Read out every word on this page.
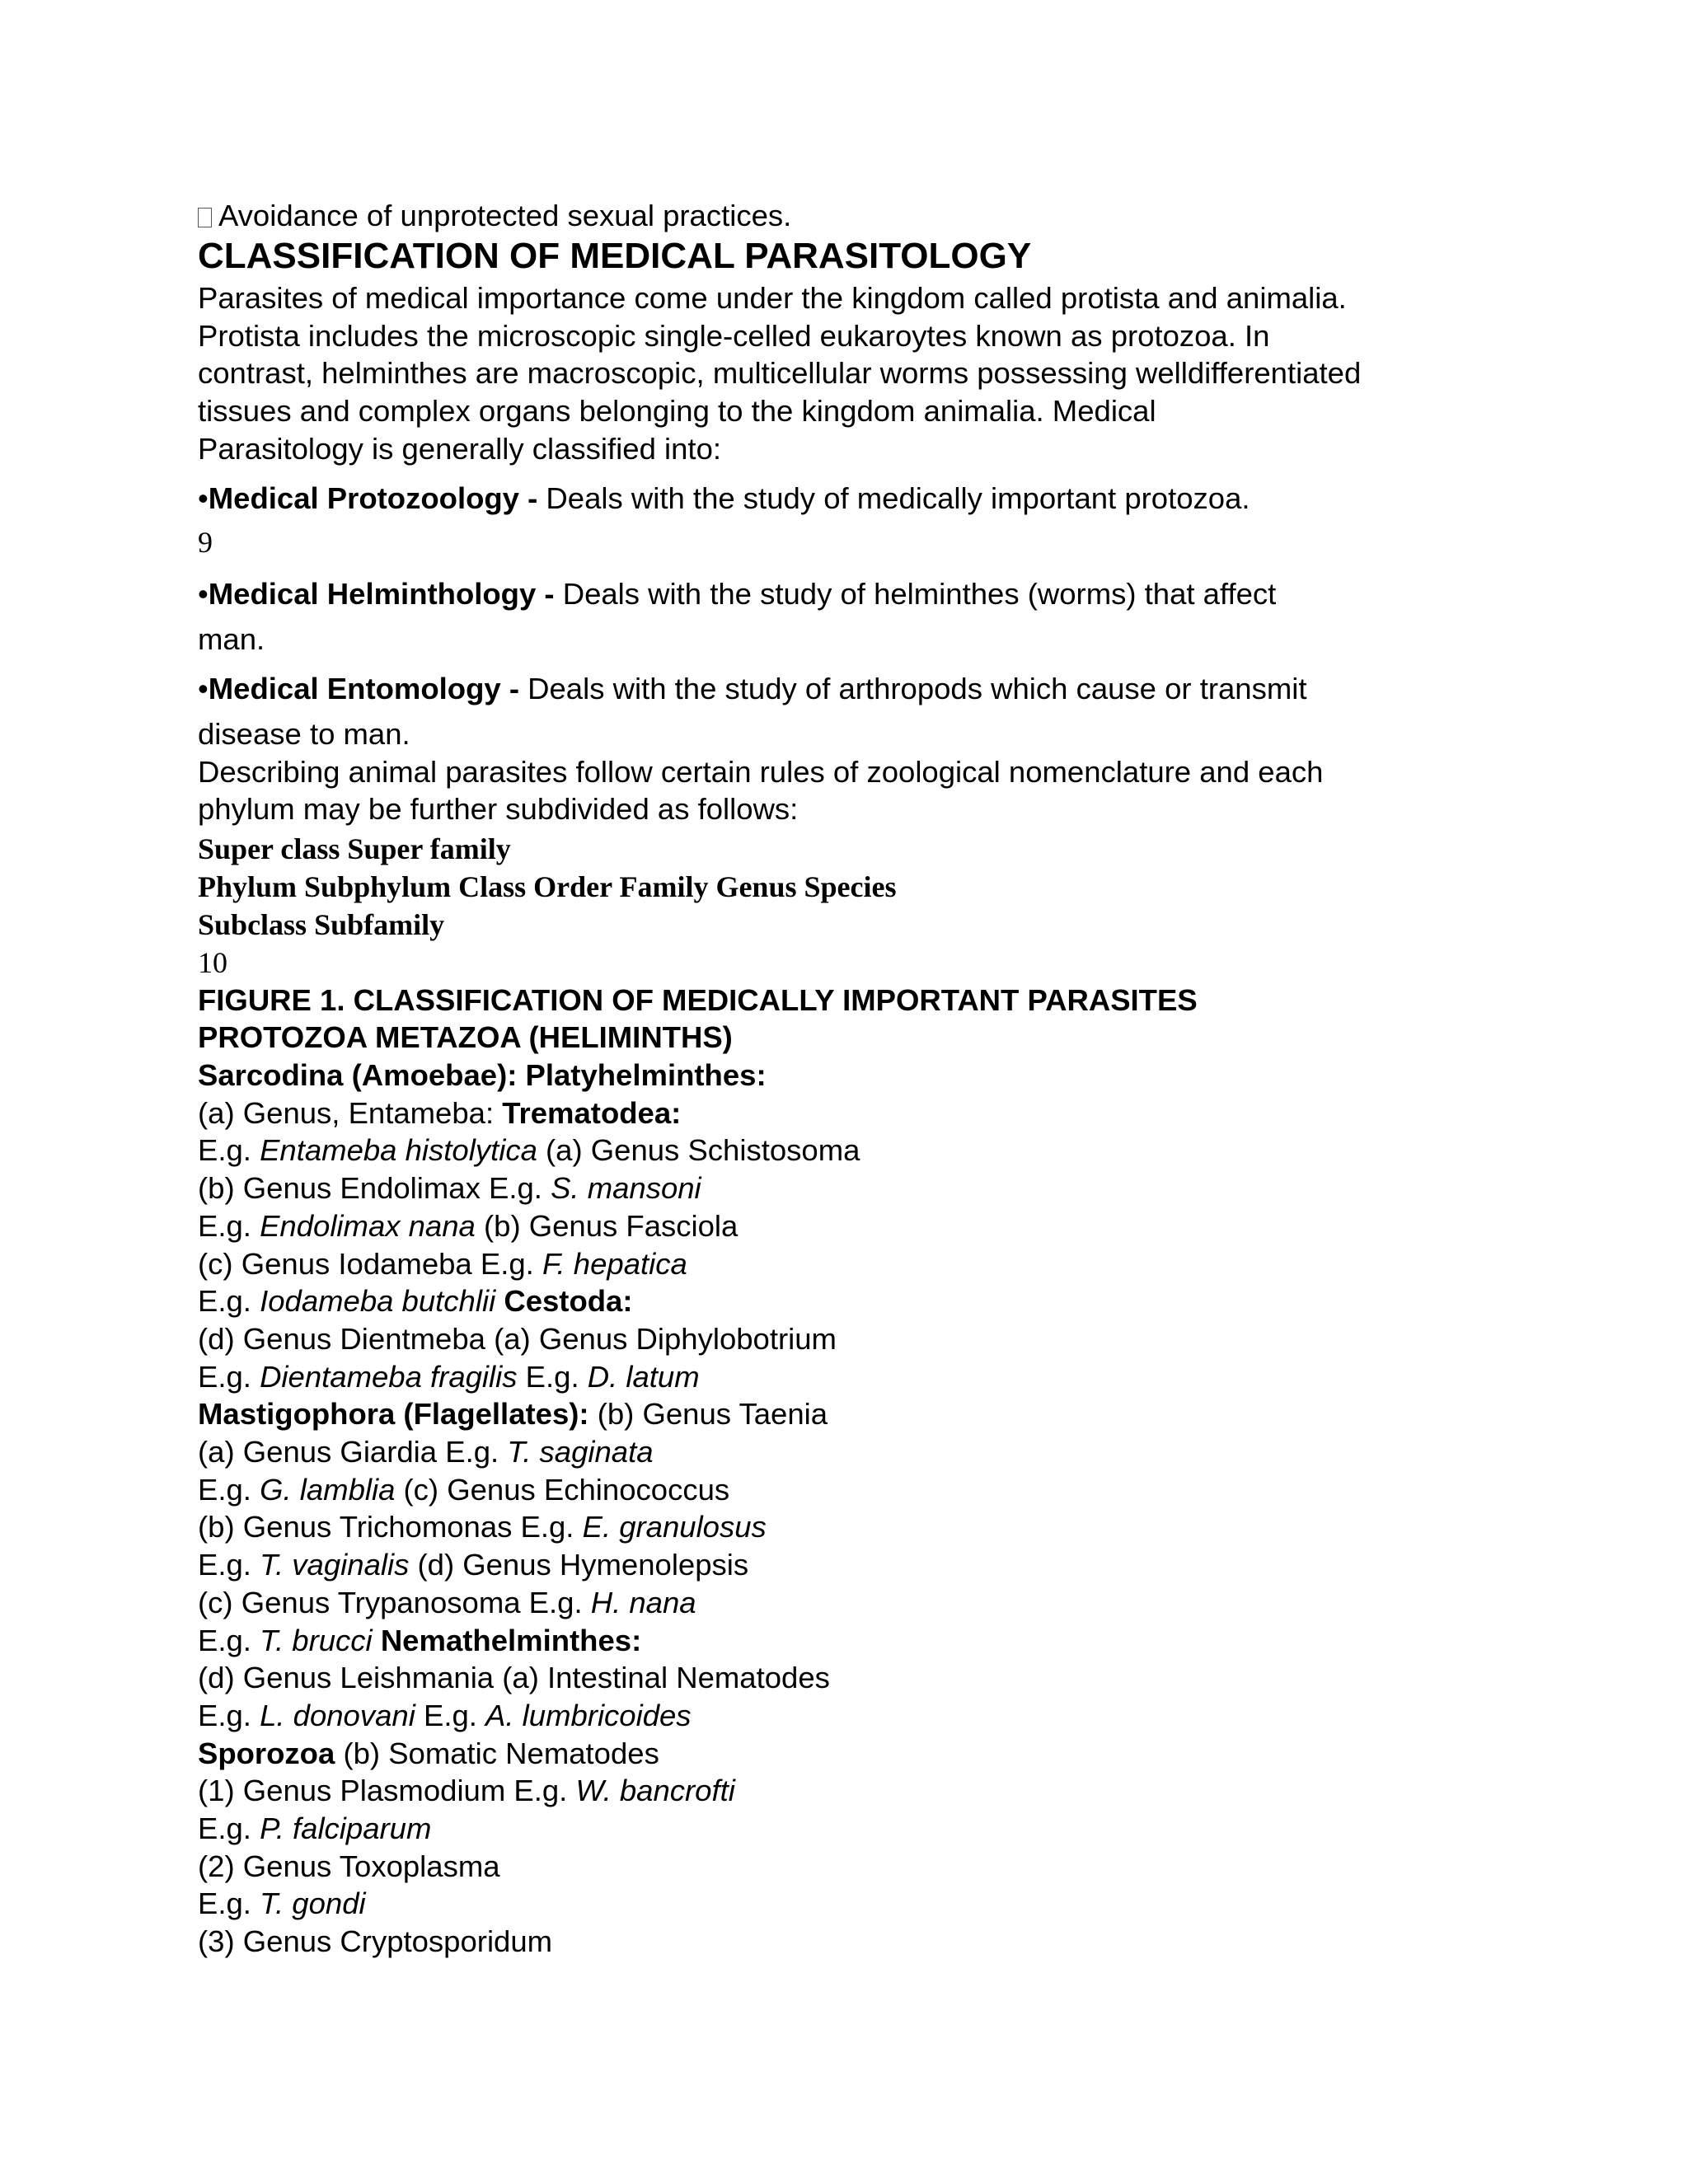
Avoidance of unprotected sexual practices.
CLASSIFICATION OF MEDICAL PARASITOLOGY
Parasites of medical importance come under the kingdom called protista and animalia.
Protista includes the microscopic single-celled eukaroytes known as protozoa. In
contrast, helminthes are macroscopic, multicellular worms possessing welldifferentiated
tissues and complex organs belonging to the kingdom animalia. Medical
Parasitology is generally classified into:
•Medical Protozoology - Deals with the study of medically important protozoa.
9
•Medical Helminthology - Deals with the study of helminthes (worms) that affect
man.
•Medical Entomology - Deals with the study of arthropods which cause or transmit
disease to man.
Describing animal parasites follow certain rules of zoological nomenclature and each
phylum may be further subdivided as follows:
Super class Super family
Phylum Subphylum Class Order Family Genus Species
Subclass Subfamily
10
FIGURE 1. CLASSIFICATION OF MEDICALLY IMPORTANT PARASITES
PROTOZOA METAZOA (HELIMINTHS)
Sarcodina (Amoebae): Platyhelminthes:
(a) Genus, Entameba: Trematodea:
E.g. Entameba histolytica (a) Genus Schistosoma
(b) Genus Endolimax E.g. S. mansoni
E.g. Endolimax nana (b) Genus Fasciola
(c) Genus Iodameba E.g. F. hepatica
E.g. Iodameba butchlii Cestoda:
(d) Genus Dientmeba (a) Genus Diphylobotrium
E.g. Dientameba fragilis E.g. D. latum
Mastigophora (Flagellates): (b) Genus Taenia
(a) Genus Giardia E.g. T. saginata
E.g. G. lamblia (c) Genus Echinococcus
(b) Genus Trichomonas E.g. E. granulosus
E.g. T. vaginalis (d) Genus Hymenolepsis
(c) Genus Trypanosoma E.g. H. nana
E.g. T. brucci Nemathelminthes:
(d) Genus Leishmania (a) Intestinal Nematodes
E.g. L. donovani E.g. A. lumbricoides
Sporozoa (b) Somatic Nematodes
(1) Genus Plasmodium E.g. W. bancrofti
E.g. P. falciparum
(2) Genus Toxoplasma
E.g. T. gondi
(3) Genus Cryptosporidum
